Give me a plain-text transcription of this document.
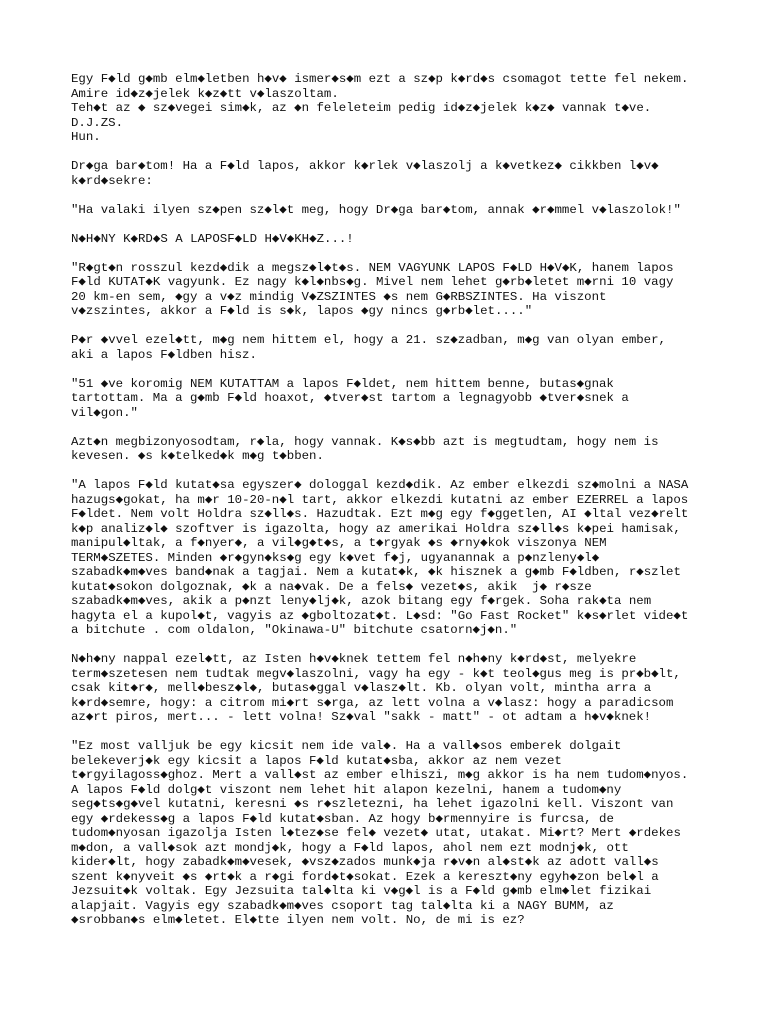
Egy F◆ld g◆mb elm◆letben h◆v◆ ismer◆s◆m ezt a sz◆p k◆rd◆s csomagot tette fel nekem.
Amire id◆z◆jelek k◆z◆tt v◆laszoltam.
Teh◆t az ◆ sz◆vegei sim◆k, az ◆n feleleteim pedig id◆z◆jelek k◆z◆ vannak t◆ve.
D.J.ZS.
Hun.
Dr◆ga bar◆tom! Ha a F◆ld lapos, akkor k◆rlek v◆laszolj a k◆vetkez◆ cikkben l◆v◆
k◆rd◆sekre:
"Ha valaki ilyen sz◆pen sz◆l◆t meg, hogy Dr◆ga bar◆tom, annak ◆r◆mmel v◆laszolok!"
N◆H◆NY K◆RD◆S A LAPOSF◆LD H◆V◆KH◆Z...!
"R◆gt◆n rosszul kezd◆dik a megsz◆l◆t◆s. NEM VAGYUNK LAPOS F◆LD H◆V◆K, hanem lapos
F◆ld KUTAT◆K vagyunk. Ez nagy k◆l◆nbs◆g. Mivel nem lehet g◆rb◆letet m◆rni 10 vagy
20 km-en sem, ◆gy a v◆z mindig V◆ZSZINTES ◆s nem G◆RBSZINTES. Ha viszont
v◆zszintes, akkor a F◆ld is s◆k, lapos ◆gy nincs g◆rb◆let...."
P◆r ◆vvel ezel◆tt, m◆g nem hittem el, hogy a 21. sz◆zadban, m◆g van olyan ember,
aki a lapos F◆ldben hisz.
"51 ◆ve koromig NEM KUTATTAM a lapos F◆ldet, nem hittem benne, butas◆gnak
tartottam. Ma a g◆mb F◆ld hoaxot, ◆tver◆st tartom a legnagyobb ◆tver◆snek a
vil◆gon."
Azt◆n megbizonyosodtam, r◆la, hogy vannak. K◆s◆bb azt is megtudtam, hogy nem is
kevesen. ◆s k◆telked◆k m◆g t◆bben.
"A lapos F◆ld kutat◆sa egyszer◆ dologgal kezd◆dik. Az ember elkezdi sz◆molni a NASA
hazugs◆gokat, ha m◆r 10-20-n◆l tart, akkor elkezdi kutatni az ember EZERREL a lapos
F◆ldet. Nem volt Holdra sz◆ll◆s. Hazudtak. Ezt m◆g egy f◆ggetlen, AI ◆ltal vez◆relt
k◆p analiz◆l◆ szoftver is igazolta, hogy az amerikai Holdra sz◆ll◆s k◆pei hamisak,
manipul◆ltak, a f◆nyer◆, a vil◆g◆t◆s, a t◆rgyak ◆s ◆rny◆kok viszonya NEM
TERM◆SZETES. Minden ◆r◆gyn◆ks◆g egy k◆vet f◆j, ugyanannak a p◆nzleny◆l◆
szabadk◆m◆ves band◆nak a tagjai. Nem a kutat◆k, ◆k hisznek a g◆mb F◆ldben, r◆szlet
kutat◆sokon dolgoznak, ◆k a na◆vak. De a fels◆ vezet◆s, akik  j◆ r◆sze
szabadk◆m◆ves, akik a p◆nzt leny◆lj◆k, azok bitang egy f◆rgek. Soha rak◆ta nem
hagyta el a kupol◆t, vagyis az ◆gboltozat◆t. L◆sd: "Go Fast Rocket" k◆s◆rlet vide◆t
a bitchute . com oldalon, "Okinawa-U" bitchute csatorn◆j◆n."
N◆h◆ny nappal ezel◆tt, az Isten h◆v◆knek tettem fel n◆h◆ny k◆rd◆st, melyekre
term◆szetesen nem tudtak megv◆laszolni, vagy ha egy - k◆t teol◆gus meg is pr◆b◆lt,
csak kit◆r◆, mell◆besz◆l◆, butas◆ggal v◆lasz◆lt. Kb. olyan volt, mintha arra a
k◆rd◆semre, hogy: a citrom mi◆rt s◆rga, az lett volna a v◆lasz: hogy a paradicsom
az◆rt piros, mert... - lett volna! Sz◆val "sakk - matt" - ot adtam a h◆v◆knek!
"Ez most valljuk be egy kicsit nem ide val◆. Ha a vall◆sos emberek dolgait
belekeverj◆k egy kicsit a lapos F◆ld kutat◆sba, akkor az nem vezet
t◆rgyilagoss◆ghoz. Mert a vall◆st az ember elhiszi, m◆g akkor is ha nem tudom◆nyos.
A lapos F◆ld dolg◆t viszont nem lehet hit alapon kezelni, hanem a tudom◆ny
seg◆ts◆g◆vel kutatni, keresni ◆s r◆szletezni, ha lehet igazolni kell. Viszont van
egy ◆rdekess◆g a lapos F◆ld kutat◆sban. Az hogy b◆rmennyire is furcsa, de
tudom◆nyosan igazolja Isten l◆tez◆se fel◆ vezet◆ utat, utakat. Mi◆rt? Mert ◆rdekes
m◆don, a vall◆sok azt mondj◆k, hogy a F◆ld lapos, ahol nem ezt modnj◆k, ott
kider◆lt, hogy zabadk◆m◆vesek, ◆vsz◆zados munk◆ja r◆v◆n al◆st◆k az adott vall◆s
szent k◆nyveit ◆s ◆rt◆k a r◆gi ford◆t◆sokat. Ezek a kereszt◆ny egyh◆zon bel◆l a
Jezsuit◆k voltak. Egy Jezsuita tal◆lta ki v◆g◆l is a F◆ld g◆mb elm◆let fizikai
alapjait. Vagyis egy szabadk◆m◆ves csoport tag tal◆lta ki a NAGY BUMM, az
◆srobban◆s elm◆letet. El◆tte ilyen nem volt. No, de mi is ez?
